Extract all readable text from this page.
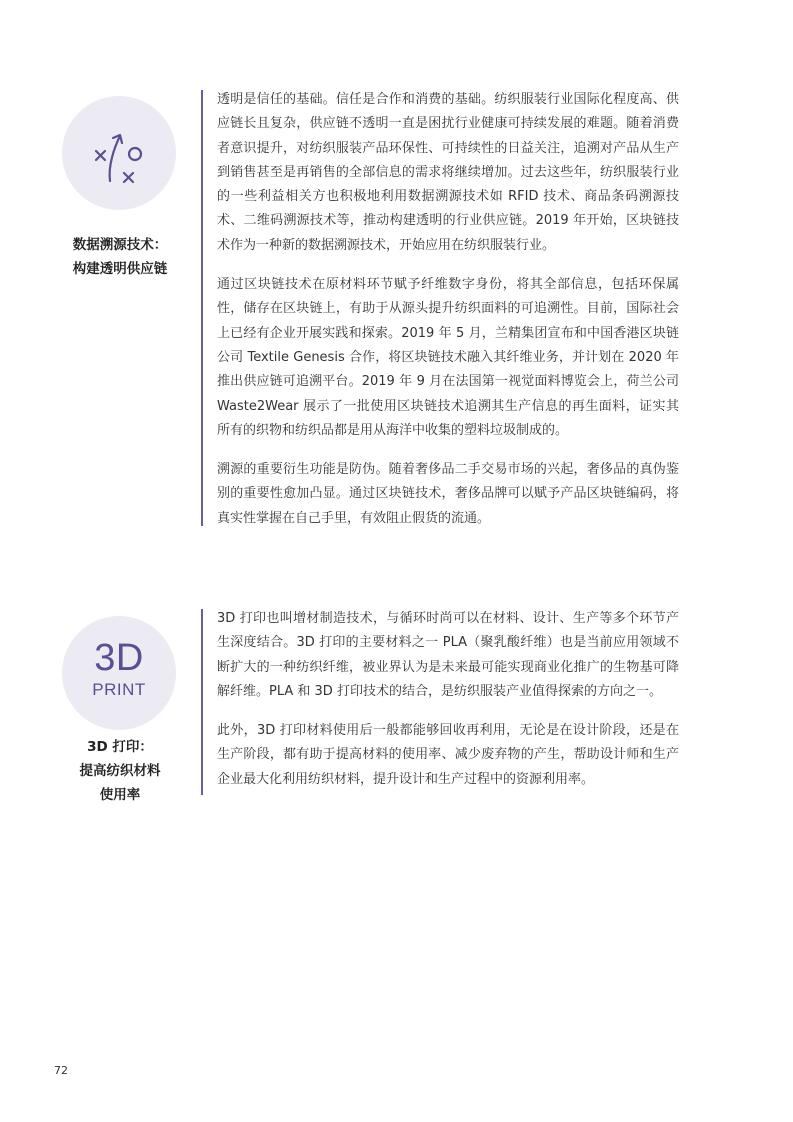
数据溯源技术：
构建透明供应链

透明是信任的基础。信任是合作和消费的基础。纺织服装行业国际化程度高、供应链长且复杂，供应链不透明一直是困扰行业健康可持续发展的难题。随着消费者意识提升，对纺织服装产品环保性、可持续性的日益关注，追溯对产品从生产到销售甚至是再销售的全部信息的需求将继续增加。过去这些年，纺织服装行业的一些利益相关方也积极地利用数据溯源技术如 RFID 技术、商品条码溯源技术、二维码溯源技术等，推动构建透明的行业供应链。2019 年开始，区块链技术作为一种新的数据溯源技术，开始应用在纺织服装行业。

通过区块链技术在原材料环节赋予纤维数字身份，将其全部信息，包括环保属性，储存在区块链上，有助于从源头提升纺织面料的可追溯性。目前，国际社会上已经有企业开展实践和探索。2019 年 5 月，兰精集团宣布和中国香港区块链公司 Textile Genesis 合作，将区块链技术融入其纤维业务，并计划在 2020 年推出供应链可追溯平台。2019 年 9 月在法国第一视觉面料博览会上，荷兰公司 Waste2Wear 展示了一批使用区块链技术追溯其生产信息的再生面料，证实其所有的织物和纺织品都是用从海洋中收集的塑料垃圾制成的。

溯源的重要衍生功能是防伪。随着奢侈品二手交易市场的兴起，奢侈品的真伪鉴别的重要性愈加凸显。通过区块链技术，奢侈品牌可以赋予产品区块链编码，将真实性掌握在自己手里，有效阻止假货的流通。

3D
PRINT
3D 打印：
提高纺织材料
使用率

3D 打印也叫增材制造技术，与循环时尚可以在材料、设计、生产等多个环节产生深度结合。3D 打印的主要材料之一 PLA（聚乳酸纤维）也是当前应用领域不断扩大的一种纺织纤维，被业界认为是未来最可能实现商业化推广的生物基可降解纤维。PLA 和 3D 打印技术的结合，是纺织服装产业值得探索的方向之一。

此外，3D 打印材料使用后一般都能够回收再利用，无论是在设计阶段，还是在生产阶段，都有助于提高材料的使用率、减少废弃物的产生，帮助设计师和生产企业最大化利用纺织材料，提升设计和生产过程中的资源利用率。

72
